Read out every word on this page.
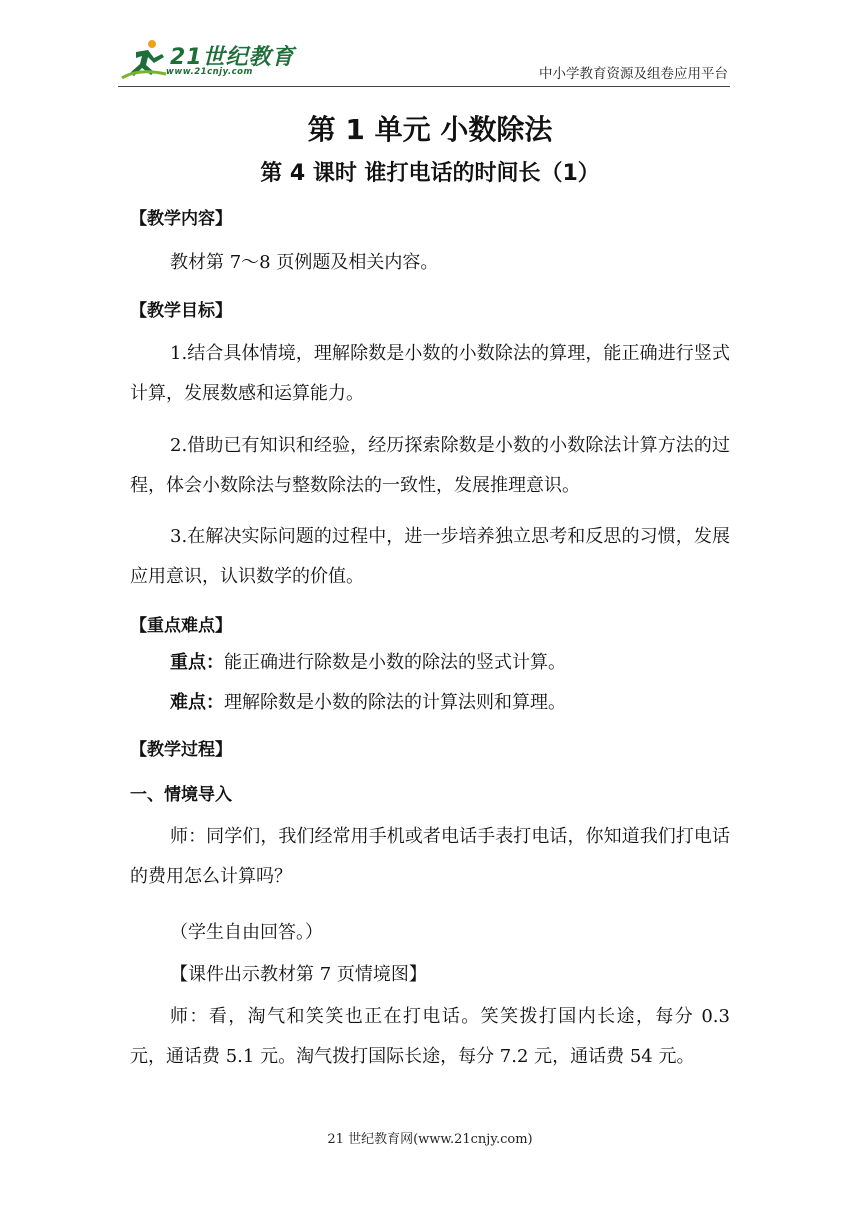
21世纪教育
www.21cnjy.com	中小学教育资源及组卷应用平台
第 1 单元 小数除法
第 4 课时 谁打电话的时间长（1）
【教学内容】
教材第 7～8 页例题及相关内容。
【教学目标】
1.结合具体情境，理解除数是小数的小数除法的算理，能正确进行竖式计算，发展数感和运算能力。
2.借助已有知识和经验，经历探索除数是小数的小数除法计算方法的过程，体会小数除法与整数除法的一致性，发展推理意识。
3.在解决实际问题的过程中，进一步培养独立思考和反思的习惯，发展应用意识，认识数学的价值。
【重点难点】
重点：能正确进行除数是小数的除法的竖式计算。
难点：理解除数是小数的除法的计算法则和算理。
【教学过程】
一、情境导入
师：同学们，我们经常用手机或者电话手表打电话，你知道我们打电话的费用怎么计算吗？
（学生自由回答。）
【课件出示教材第 7 页情境图】
师：看，淘气和笑笑也正在打电话。笑笑拨打国内长途，每分 0.3 元，通话费 5.1 元。淘气拨打国际长途，每分 7.2 元，通话费 54 元。
21 世纪教育网(www.21cnjy.com)
